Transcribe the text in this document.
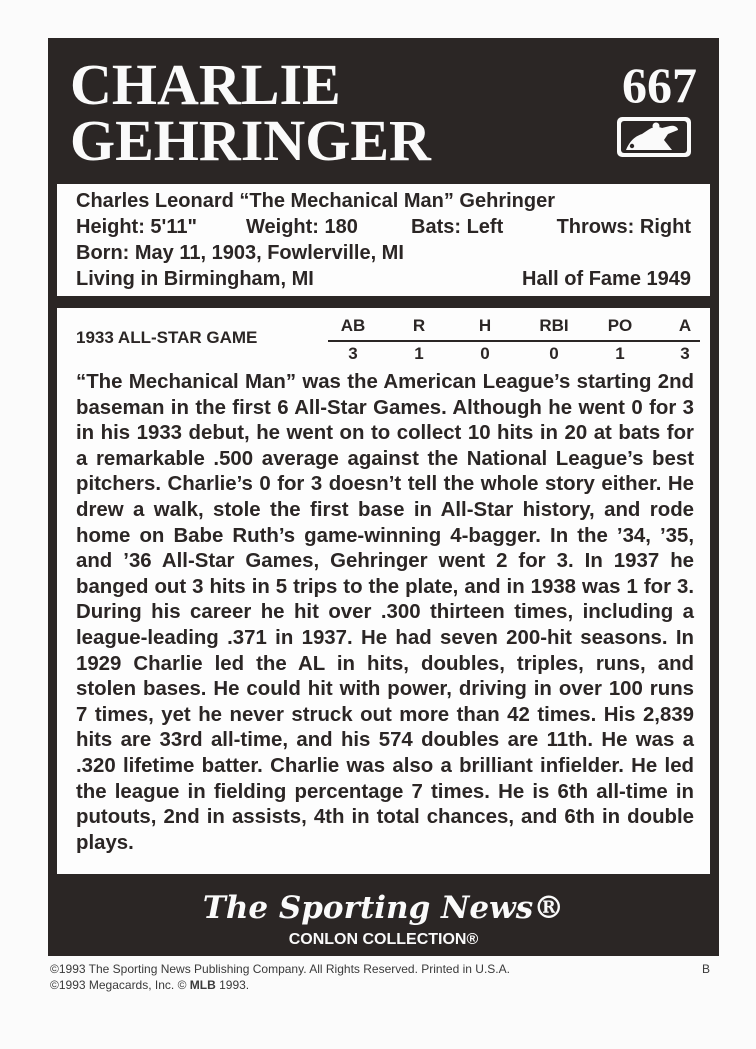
CHARLIE
GEHRINGER
667
Charles Leonard “The Mechanical Man” Gehringer
Height: 5'11" Weight: 180	Bats: Left	Throws: Right
Born: May 11, 1903, Fowlerville, MI
Living in Birmingham, MI	Hall of Fame 1949
1933 ALL-STAR GAME
AB	R	H	RBI	PO	A
3	1	0	0	1	3
“The Mechanical Man” was the American League’s starting 2nd baseman in the first 6 All-Star Games. Although he went 0 for 3 in his 1933 debut, he went on to collect 10 hits in 20 at bats for a remarkable .500 average against the National League’s best pitchers. Charlie’s 0 for 3 doesn’t tell the whole story either. He drew a walk, stole the first base in All-Star history, and rode home on Babe Ruth’s game-winning 4-bagger. In the ’34, ’35, and ’36 All-Star Games, Gehringer went 2 for 3. In 1937 he banged out 3 hits in 5 trips to the plate, and in 1938 was 1 for 3. During his career he hit over .300 thirteen times, including a league-leading .371 in 1937. He had seven 200-hit seasons. In 1929 Charlie led the AL in hits, doubles, triples, runs, and stolen bases. He could hit with power, driving in over 100 runs 7 times, yet he never struck out more than 42 times. His 2,839 hits are 33rd all-time, and his 574 doubles are 11th. He was a .320 lifetime batter. Charlie was also a brilliant infielder. He led the league in fielding percentage 7 times. He is 6th all-time in putouts, 2nd in assists, 4th in total chances, and 6th in double plays.
The Sporting News®
CONLON COLLECTION®
©1993 The Sporting News Publishing Company. All Rights Reserved. Printed in U.S.A.
©1993 Megacards, Inc. © MLB 1993.
B
